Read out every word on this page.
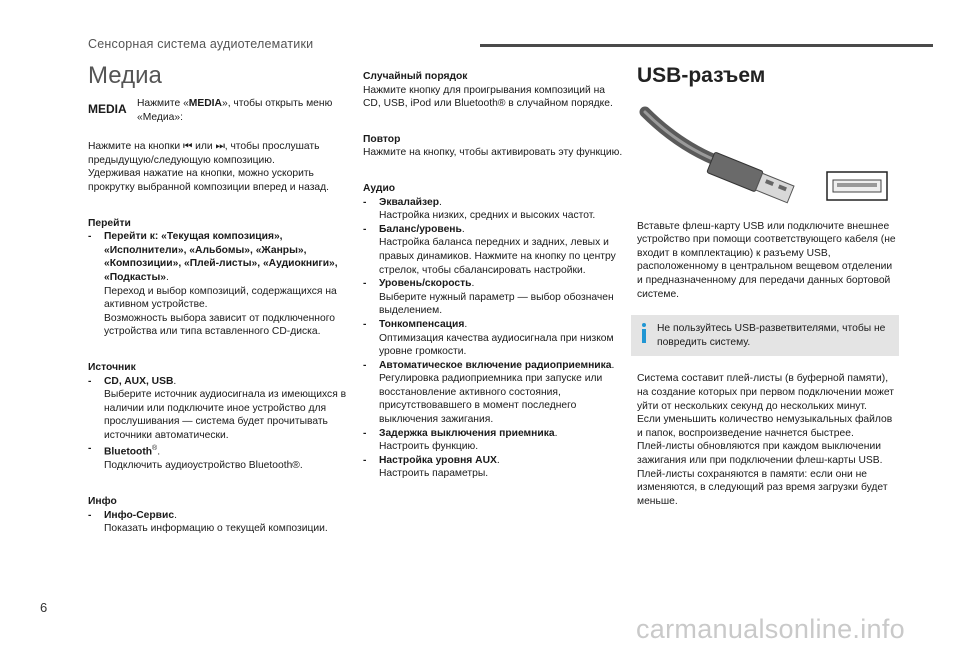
Сенсорная система аудиотелематики
Медиа
MEDIA	Нажмите «MEDIA», чтобы открыть меню «Медиа»:

Нажмите на кнопки ⏮ или ⏭, чтобы прослушать предыдущую/следующую композицию.

Удерживая нажатие на кнопки, можно ускорить прокрутку выбранной композиции вперед и назад.

Перейти

-	Перейти к: «Текущая композиция», «Исполнители», «Альбомы», «Жанры», «Композиции», «Плей-листы», «Аудиокниги», «Подкасты».
Переход и выбор композиций, содержащихся на активном устройстве.
Возможность выбора зависит от подключенного устройства или типа вставленного CD-диска.

Источник

-	CD, AUX, USB.
Выберите источник аудиосигнала из имеющихся в наличии или подключите иное устройство для прослушивания — система будет прочитывать источники автоматически.
-	Bluetooth®.
Подключить аудиоустройство Bluetooth®.

Инфо

-	Инфо-Сервис.
Показать информацию о текущей композиции.

Случайный порядок

Нажмите кнопку для проигрывания композиций на CD, USB, iPod или Bluetooth® в случайном порядке.

Повтор

Нажмите на кнопку, чтобы активировать эту функцию.

Аудио

-	Эквалайзер.
Настройка низких, средних и высоких частот.
-	Баланс/уровень.
Настройка баланса передних и задних, левых и правых динамиков. Нажмите на кнопку по центру стрелок, чтобы сбалансировать настройки.
-	Уровень/скорость.
Выберите нужный параметр — выбор обозначен выделением.
-	Тонкомпенсация.
Оптимизация качества аудиосигнала при низком уровне громкости.
-	Автоматическое включение радиоприемника.
Регулировка радиоприемника при запуске или восстановление активного состояния, присутствовавшего в момент последнего выключения зажигания.
-	Задержка выключения приемника.
Настроить функцию.
-	Настройка уровня AUX.
Настроить параметры.
USB-разъем

Вставьте флеш-карту USB или подключите внешнее устройство при помощи соответствующего кабеля (не входит в комплектацию) к разъему USB, расположенному в центральном вещевом отделении и предназначенному для передачи данных бортовой системе.

Не пользуйтесь USB-разветвителями, чтобы не повредить систему.

Система составит плей-листы (в буферной памяти), на создание которых при первом подключении может уйти от нескольких секунд до нескольких минут.

Если уменьшить количество немузыкальных файлов и папок, воспроизведение начнется быстрее.

Плей-листы обновляются при каждом выключении зажигания или при подключении флеш-карты USB. Плей-листы сохраняются в памяти: если они не изменяются, в следующий раз время загрузки будет меньше.

6
carmanualsonline.info
